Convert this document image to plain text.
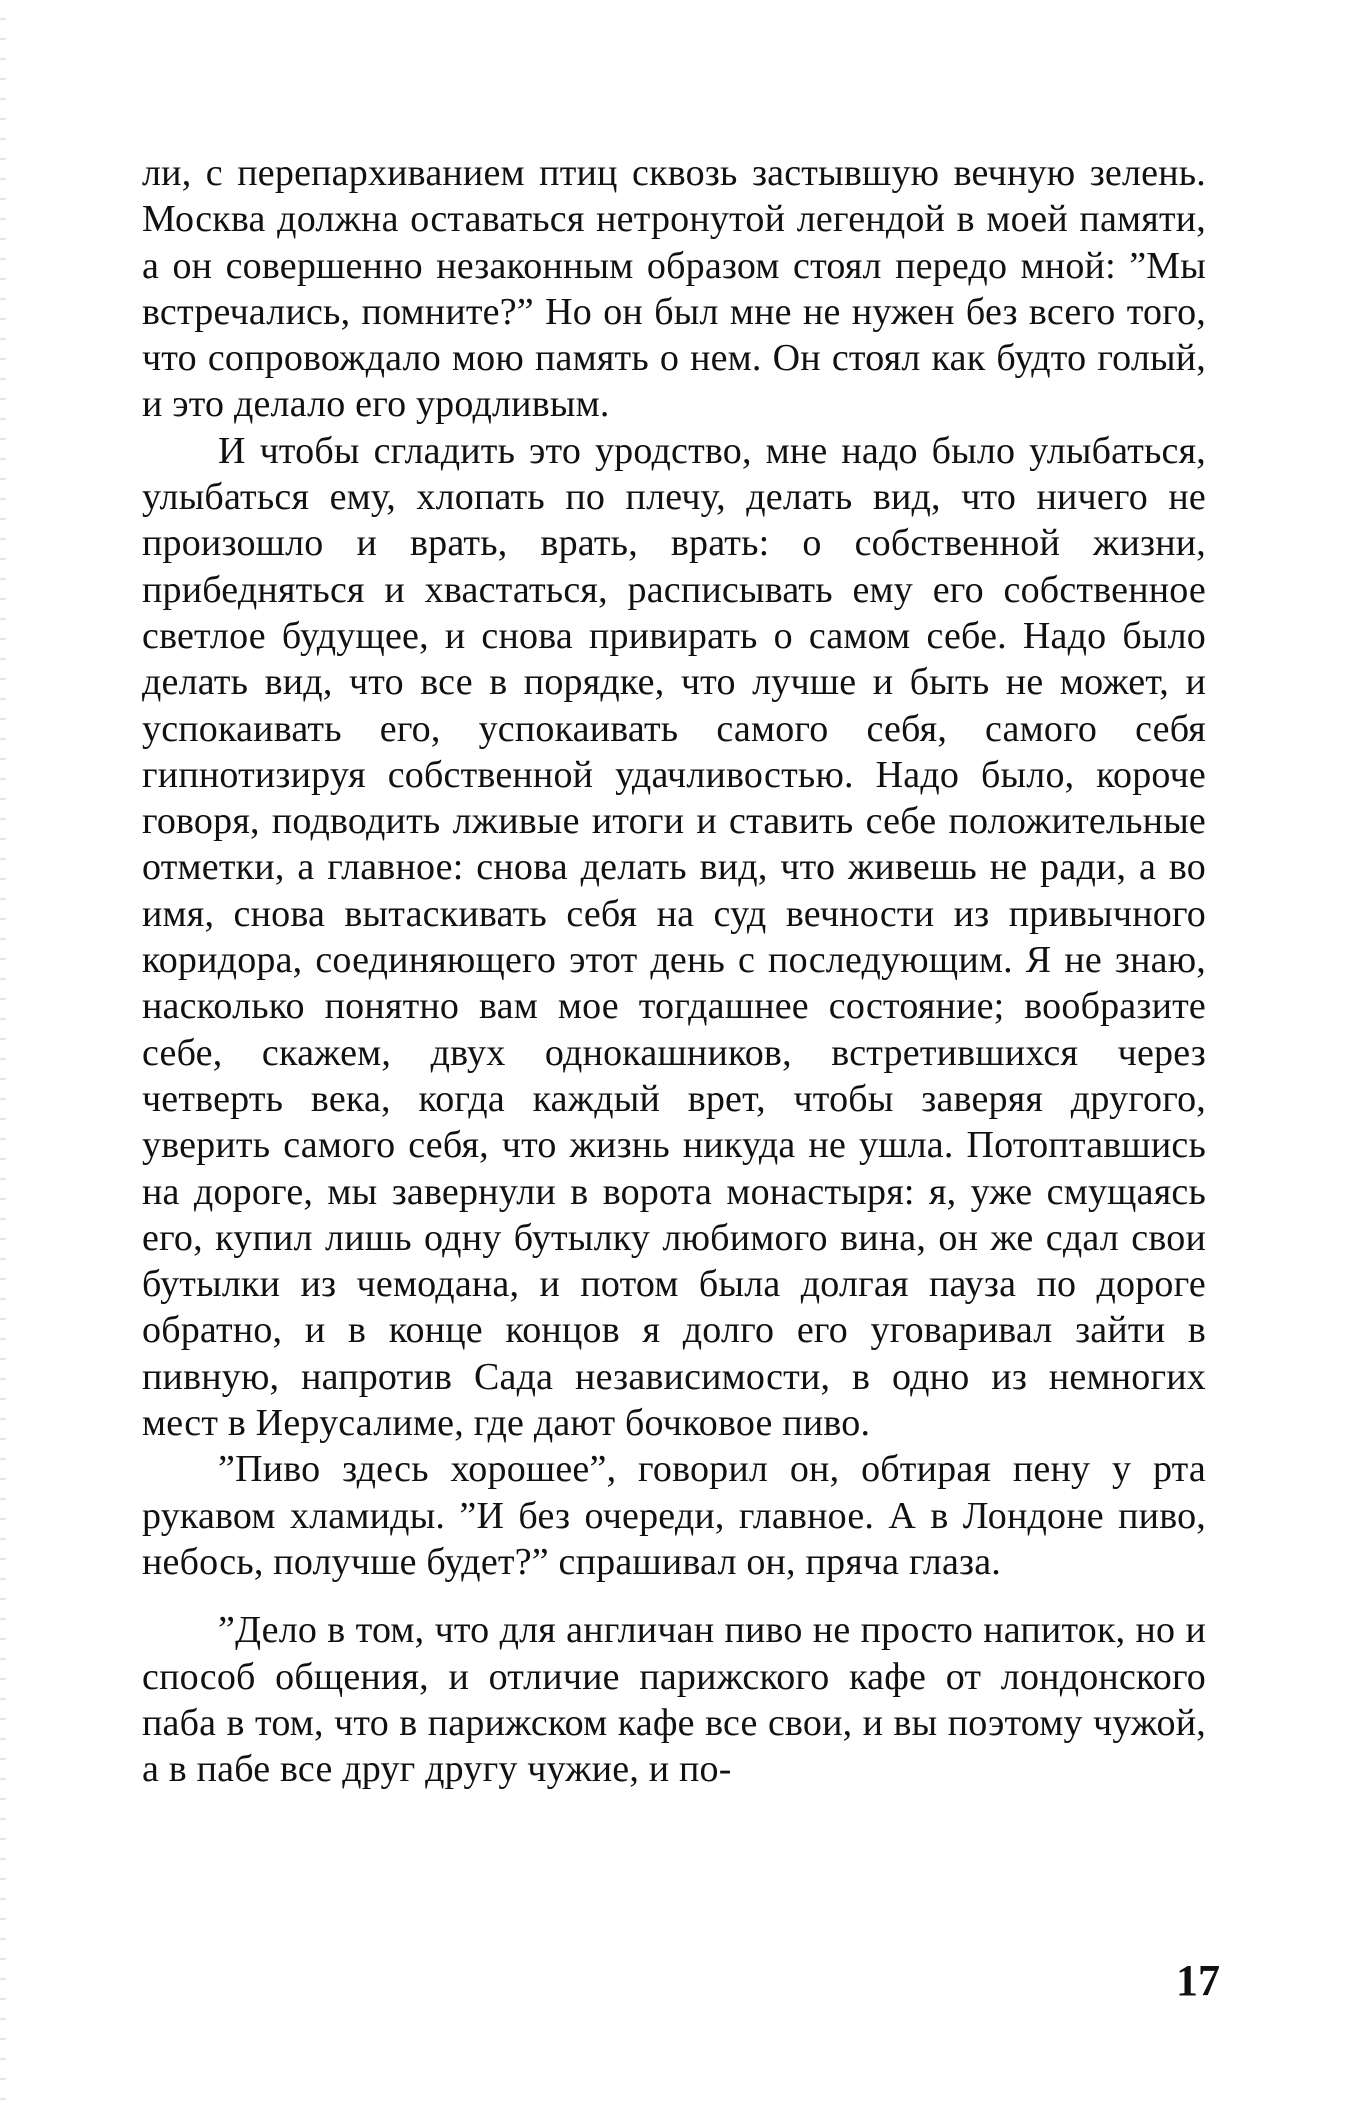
ли, с перепархиванием птиц сквозь застывшую вечную зелень. Москва должна оставаться нетронутой легендой в моей памяти, а он совершенно незаконным образом стоял передо мной: ”Мы встречались, помните?” Но он был мне не нужен без всего того, что сопровождало мою память о нем. Он стоял как будто голый, и это делало его уродливым.

И чтобы сгладить это уродство, мне надо было улыбаться, улыбаться ему, хлопать по плечу, делать вид, что ничего не произошло и врать, врать, врать: о собственной жизни, прибедняться и хвастаться, расписывать ему его собственное светлое будущее, и снова привирать о самом себе. Надо было делать вид, что все в порядке, что лучше и быть не может, и успокаивать его, успокаивать самого себя, самого себя гипнотизируя собственной удачливостью. Надо было, короче говоря, подводить лживые итоги и ставить себе положительные отметки, а главное: снова делать вид, что живешь не ради, а во имя, снова вытаскивать себя на суд вечности из привычного коридора, соединяющего этот день с последующим. Я не знаю, насколько понятно вам мое тогдашнее состояние; вообразите себе, скажем, двух однокашников, встретившихся через четверть века, когда каждый врет, чтобы заверяя другого, уверить самого себя, что жизнь никуда не ушла. Потоптавшись на дороге, мы завернули в ворота монастыря: я, уже смущаясь его, купил лишь одну бутылку любимого вина, он же сдал свои бутылки из чемодана, и потом была долгая пауза по дороге обратно, и в конце концов я долго его уговаривал зайти в пивную, напротив Сада независимости, в одно из немногих мест в Иерусалиме, где дают бочковое пиво.

”Пиво здесь хорошее”, говорил он, обтирая пену у рта рукавом хламиды. ”И без очереди, главное. А в Лондоне пиво, небось, получше будет?” спрашивал он, пряча глаза.

”Дело в том, что для англичан пиво не просто напиток, но и способ общения, и отличие парижского кафе от лондонского паба в том, что в парижском кафе все свои, и вы поэтому чужой, а в пабе все друг другу чужие, и по-

17
